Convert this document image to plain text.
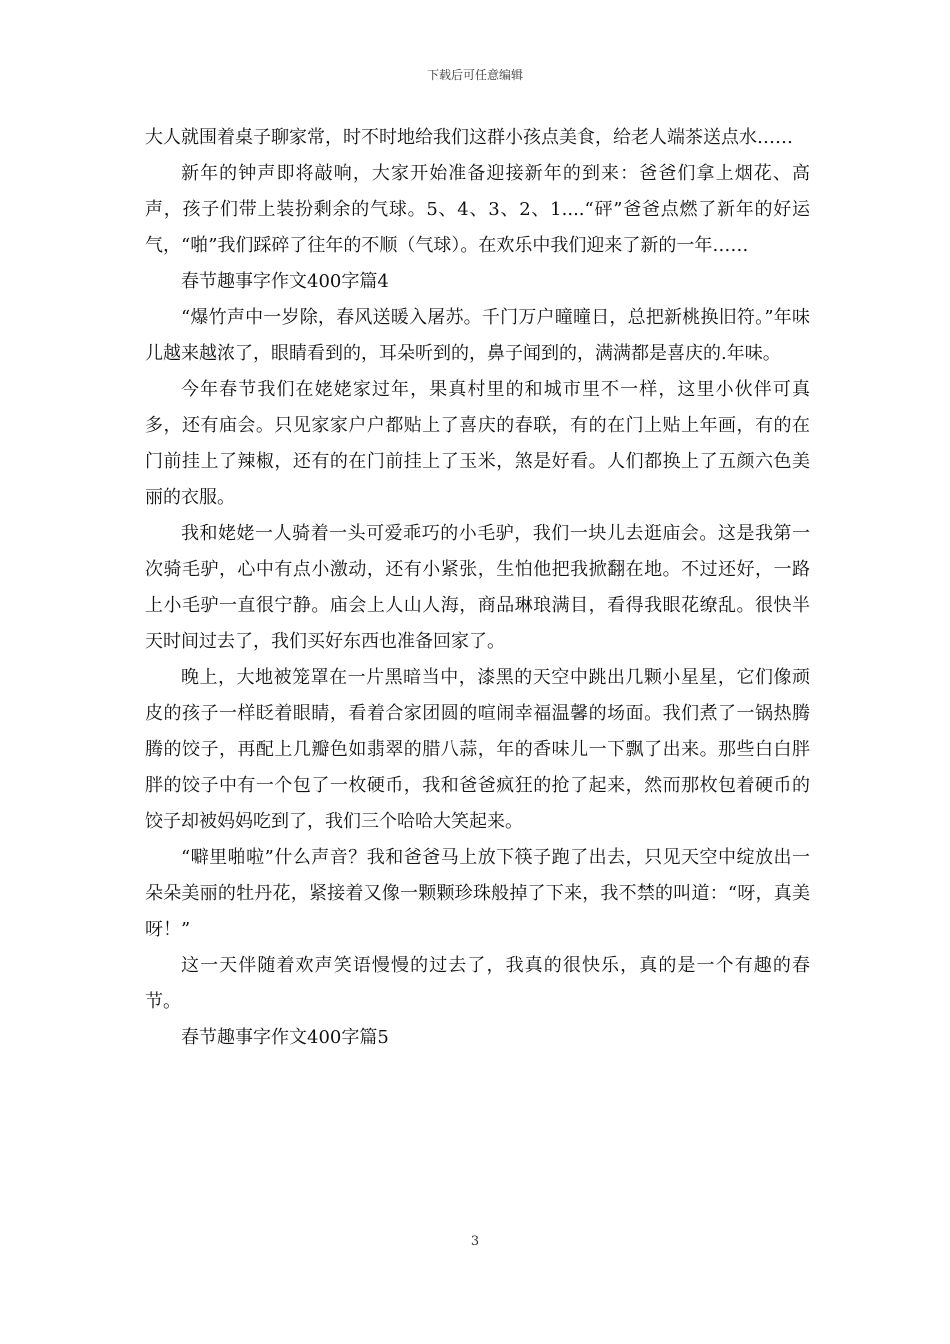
下载后可任意编辑

大人就围着桌子聊家常，时不时地给我们这群小孩点美食，给老人端茶送点水……

新年的钟声即将敲响，大家开始准备迎接新年的到来：爸爸们拿上烟花、高声，孩子们带上装扮剩余的气球。5、4、3、2、1....“砰”爸爸点燃了新年的好运气，“啪”我们踩碎了往年的不顺（气球）。在欢乐中我们迎来了新的一年……

春节趣事字作文400字篇4

“爆竹声中一岁除，春风送暖入屠苏。千门万户曈曈日，总把新桃换旧符。”年味儿越来越浓了，眼睛看到的，耳朵听到的，鼻子闻到的，满满都是喜庆的.年味。

今年春节我们在姥姥家过年，果真村里的和城市里不一样，这里小伙伴可真多，还有庙会。只见家家户户都贴上了喜庆的春联，有的在门上贴上年画，有的在门前挂上了辣椒，还有的在门前挂上了玉米，煞是好看。人们都换上了五颜六色美丽的衣服。

我和姥姥一人骑着一头可爱乖巧的小毛驴，我们一块儿去逛庙会。这是我第一次骑毛驴，心中有点小激动，还有小紧张，生怕他把我掀翻在地。不过还好，一路上小毛驴一直很宁静。庙会上人山人海，商品琳琅满目，看得我眼花缭乱。很快半天时间过去了，我们买好东西也准备回家了。

晚上，大地被笼罩在一片黑暗当中，漆黑的天空中跳出几颗小星星，它们像顽皮的孩子一样眨着眼睛，看着合家团圆的喧闹幸福温馨的场面。我们煮了一锅热腾腾的饺子，再配上几瓣色如翡翠的腊八蒜，年的香味儿一下飘了出来。那些白白胖胖的饺子中有一个包了一枚硬币，我和爸爸疯狂的抢了起来，然而那枚包着硬币的饺子却被妈妈吃到了，我们三个哈哈大笑起来。

“噼里啪啦”什么声音？我和爸爸马上放下筷子跑了出去，只见天空中绽放出一朵朵美丽的牡丹花，紧接着又像一颗颗珍珠般掉了下来，我不禁的叫道：“呀，真美呀！”

这一天伴随着欢声笑语慢慢的过去了，我真的很快乐，真的是一个有趣的春节。

春节趣事字作文400字篇5

3
